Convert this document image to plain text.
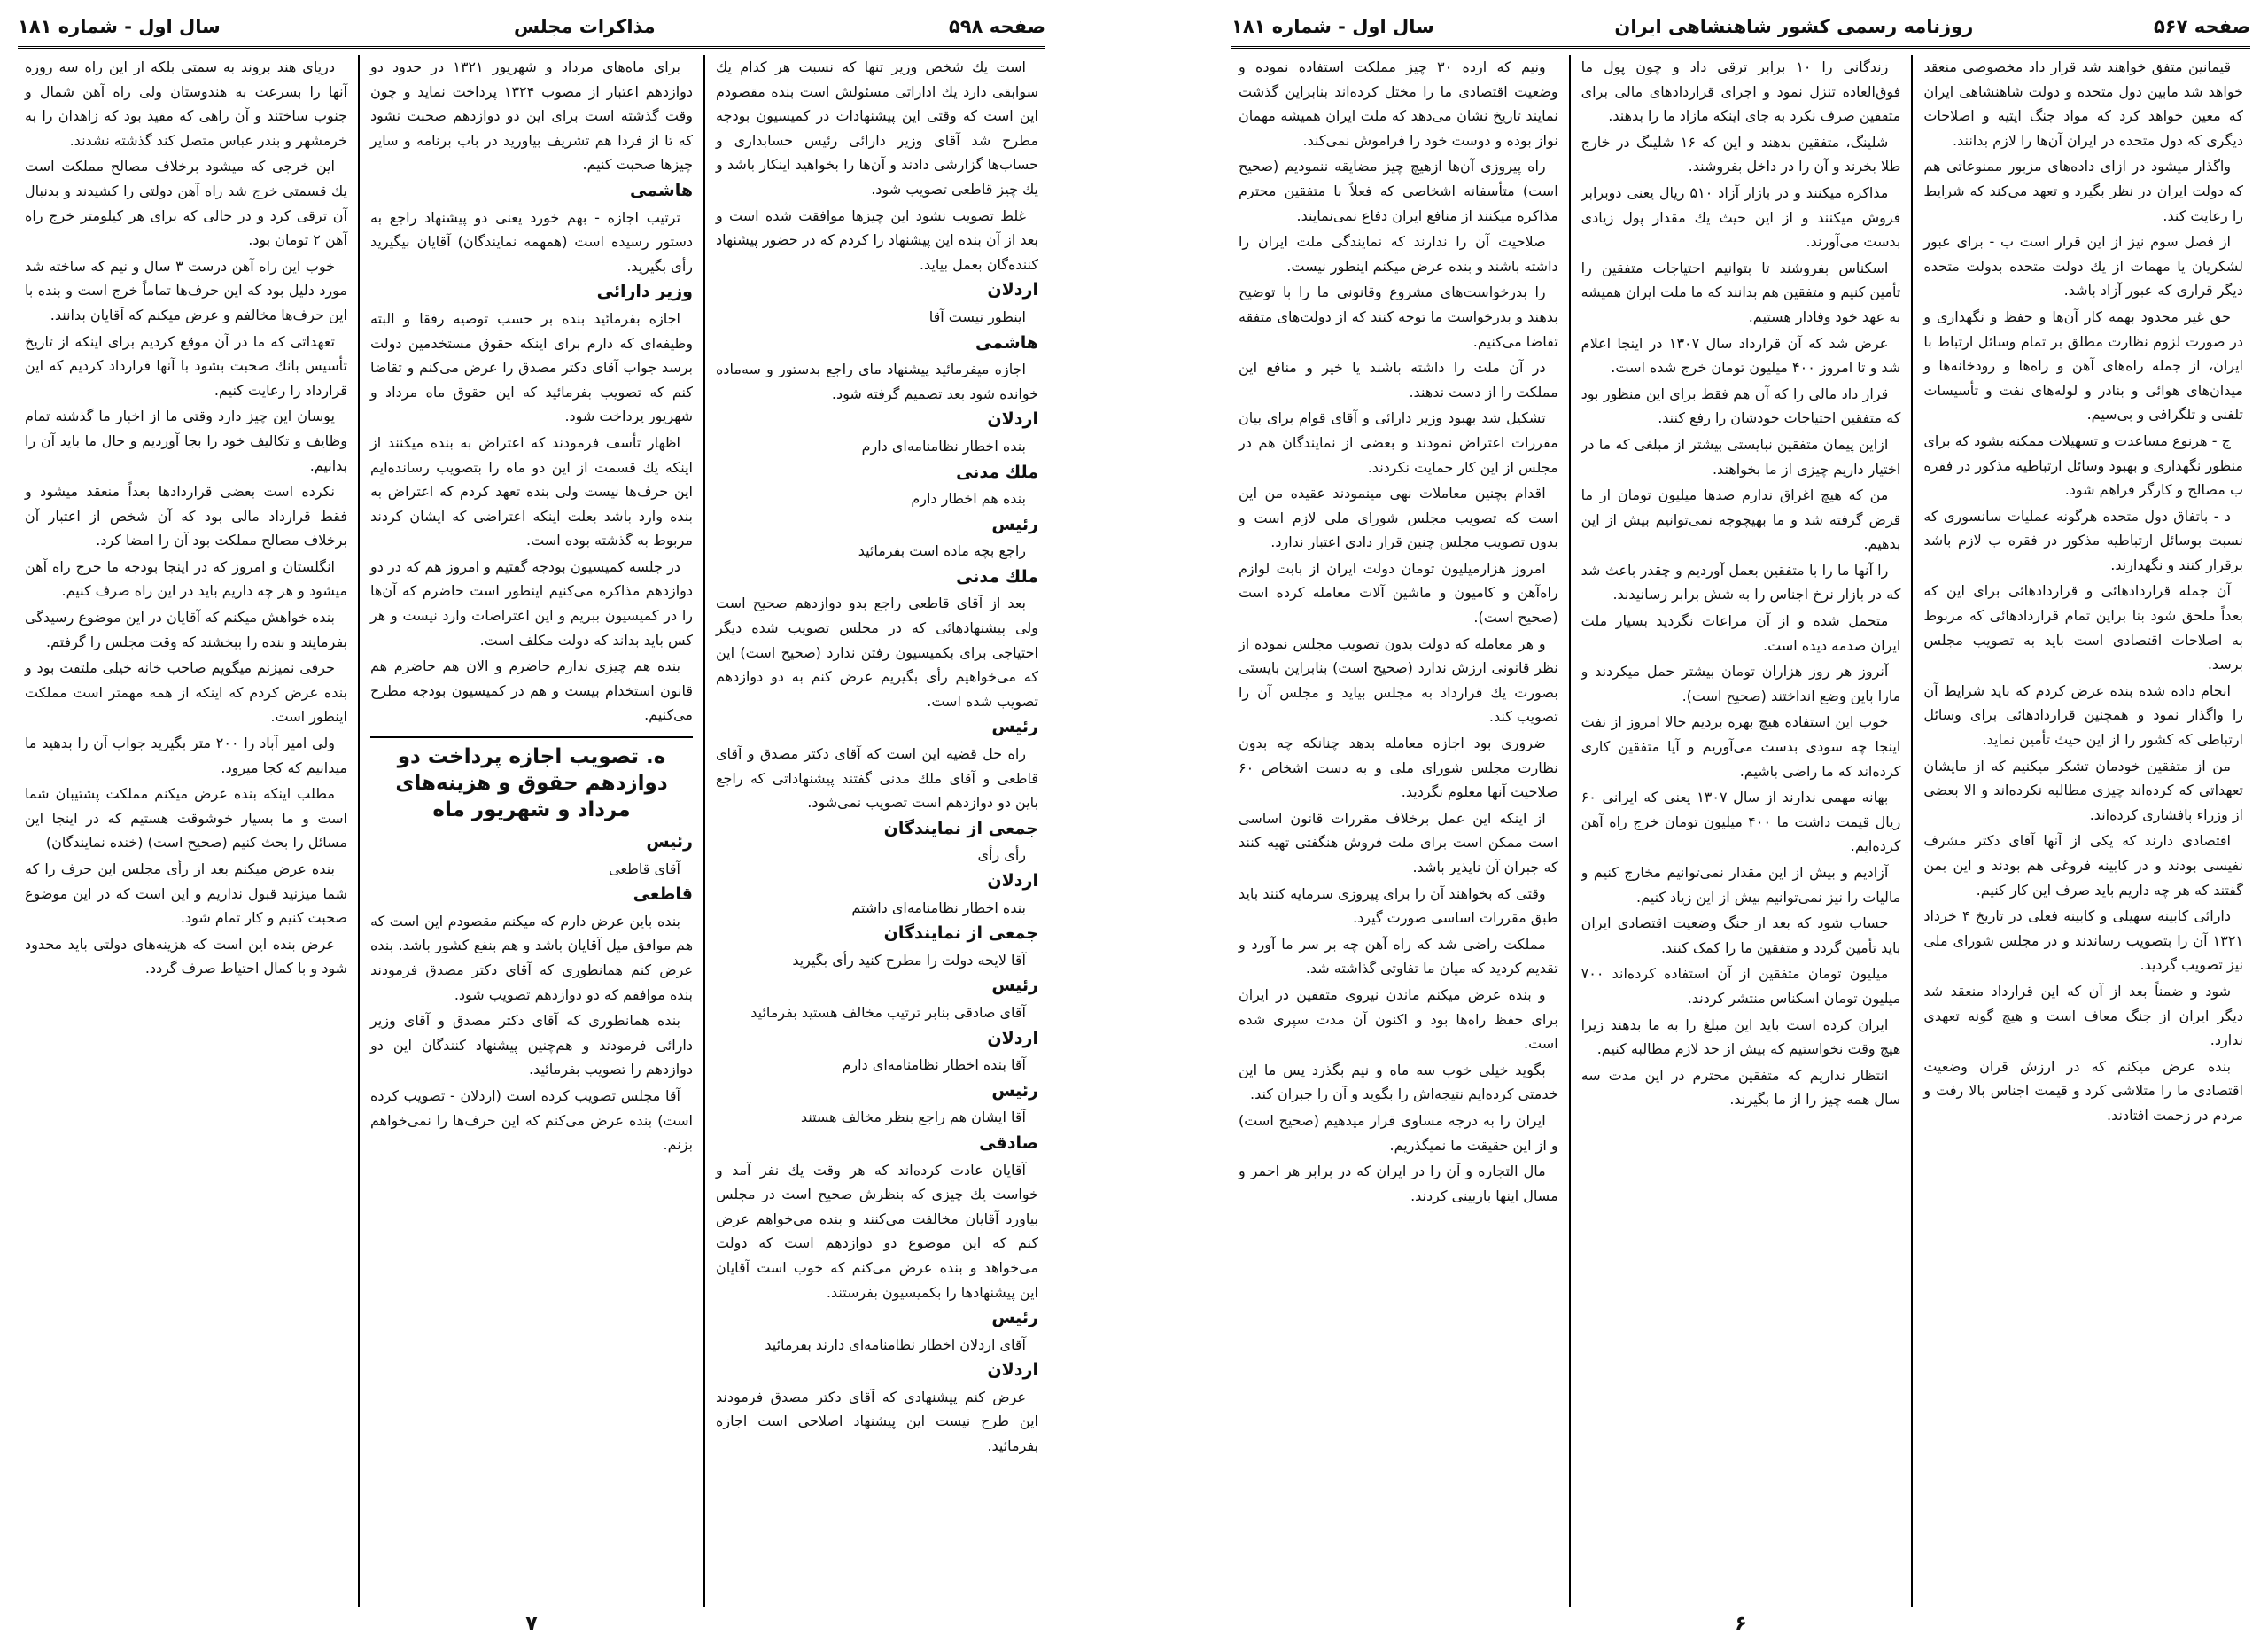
صفحه ۵۹۸
مذاکرات مجلس
سال اول - شماره ۱۸۱

است یك شخص وزیر تنها كه نسبت هر كدام یك سوابقی دارد یك اداراتی مسئولش است بنده مقصودم این است كه وقتی این پیشنهادات در كمیسیون بودجه مطرح شد آقای وزیر دارائی رئیس حسابداری و حساب‌ها گزارشی دادند و آن‌ها را بخواهید اینکار باشد و یك چیز قاطعی تصویب شود.

غلط تصویب نشود این چیزها موافقت شده است و بعد از آن بنده این پیشنهاد را کردم که در حضور پیشنهاد کننده‌گان بعمل بیاید.

اردلان

اینطور نیست آقا

هاشمی

اجازه میفرمائید پیشنهاد مای راجع بدستور و سه‌ماده خوانده شود بعد تصمیم گرفته شود.

اردلان

بنده اخطار نظامنامه‌ای دارم

ملك مدنی

بنده هم اخطار دارم

رئیس

راجع بچه ماده است بفرمائید

ملك مدنی

بعد از آقای قاطعی راجع بدو دوازدهم صحیح است ولی پیشنهادهائی که در مجلس تصویب شده دیگر احتیاجی برای بکمیسیون رفتن ندارد (صحیح است) این که می‌خواهیم رأی بگیریم عرض کنم به دو دوازدهم تصویب شده است.

رئیس

راه حل قضیه این است که آقای دکتر مصدق و آقای قاطعی و آقای ملك مدنی گفتند پیشنهاداتی که راجع باین دو دوازدهم است تصویب نمی‌شود.

جمعی از نمایندگان

رأی رأی

اردلان

بنده اخطار نظامنامه‌ای داشتم

جمعی از نمایندگان

آقا لایحه دولت را مطرح کنید رأی بگیرید

رئیس

آقای صادقی بنابر ترتیب مخالف هستید بفرمائید

اردلان

آقا بنده اخطار نظامنامه‌ای دارم

رئیس

آقا ایشان هم راجع بنظر مخالف هستند

صادقی

آقایان عادت کرده‌اند که هر وقت یك نفر آمد و خواست یك چیزی که بنظرش صحیح است در مجلس بیاورد آقایان مخالفت می‌کنند و بنده می‌خواهم عرض کنم که این موضوع دو دوازدهم است که دولت می‌خواهد و بنده عرض می‌کنم که خوب است آقایان این پیشنهادها را بکمیسیون بفرستند.

رئیس

آقای اردلان اخطار نظامنامه‌ای دارند بفرمائید

اردلان

عرض کنم پیشنهادی که آقای دکتر مصدق فرمودند این طرح نیست این پیشنهاد اصلاحی است اجازه بفرمائید.

برای ماه‌های مرداد و شهریور ۱۳۲۱ در حدود دو دوازدهم اعتبار از مصوب ۱۳۲۴ پرداخت نماید و چون وقت گذشته است برای این دو دوازدهم صحبت نشود که تا از فردا هم تشریف بیاورید در باب برنامه و سایر چیزها صحبت کنیم.

هاشمی

ترتیب اجازه - بهم خورد یعنی دو پیشنهاد راجع به دستور رسیده است (همهمه نمایندگان) آقایان بیگیرید رأی بگیرید.

وزیر دارائی

اجازه بفرمائید بنده بر حسب توصیه رفقا و البته وظیفه‌ای که دارم برای اینکه حقوق مستخدمین دولت برسد جواب آقای دکتر مصدق را عرض می‌کنم و تقاضا کنم که تصویب بفرمائید که این حقوق ماه مرداد و شهریور پرداخت شود.

اظهار تأسف فرمودند که اعتراض به بنده میکنند از اینکه یك قسمت از این دو ماه را بتصویب رسانده‌ایم این حرف‌ها نیست ولی بنده تعهد کردم که اعتراض به بنده وارد باشد بعلت اینکه اعتراضی که ایشان کردند مربوط به گذشته بوده است.

در جلسه کمیسیون بودجه گفتیم و امروز هم که در دو دوازدهم مذاکره می‌کنیم اینطور است حاضرم که آن‌ها را در کمیسیون ببریم و این اعتراضات وارد نیست و هر کس باید بداند که دولت مکلف است.

بنده هم چیزی ندارم حاضرم و الان هم حاضرم هم قانون استخدام بیست و هم در کمیسیون بودجه مطرح می‌کنیم.

ه. تصویب اجازه پرداخت دو دوازدهم حقوق و هزینه‌های مرداد و شهریور ماه

رئیس

آقای قاطعی

قاطعی

بنده باین عرض دارم که میکنم مقصودم این است که هم موافق میل آقایان باشد و هم بنفع کشور باشد. بنده عرض کنم همانطوری که آقای دکتر مصدق فرمودند بنده موافقم که دو دوازدهم تصویب شود.

بنده همانطوری که آقای دکتر مصدق و آقای وزیر دارائی فرمودند و هم‌چنین پیشنهاد کنندگان این دو دوازدهم را تصویب بفرمائید.

آقا مجلس تصویب کرده است (اردلان - تصویب کرده است) بنده عرض می‌کنم که این حرف‌ها را نمی‌خواهم بزنم.

دریای هند بروند به سمتی بلکه از این راه سه روزه آنها را بسرعت به هندوستان ولی راه آهن شمال و جنوب ساختند و آن راهی که مقید بود که زاهدان را به خرمشهر و بندر عباس متصل کند گذشته نشدند.

این خرجی که میشود برخلاف مصالح مملکت است یك قسمتی خرج شد راه آهن دولتی را کشیدند و بدنبال آن ترقی کرد و در حالی که برای هر کیلومتر خرج راه آهن ۲ تومان بود.

خوب این راه آهن درست ۳ سال و نیم که ساخته شد مورد دلیل بود که این حرف‌ها تماماً خرج است و بنده با این حرف‌ها مخالفم و عرض میکنم که آقایان بدانند.

تعهداتی که ما در آن موقع کردیم برای اینکه از تاریخ تأسیس بانك صحبت بشود با آنها قرارداد کردیم که این قرارداد را رعایت کنیم.

یوسان این چیز دارد وقتی ما از اخبار ما گذشته تمام وظایف و تکالیف خود را بجا آوردیم و حال ما باید آن را بدانیم.

نکرده است بعضی قراردادها بعداً منعقد میشود و فقط قرارداد مالی بود که آن شخص از اعتبار آن برخلاف مصالح مملکت بود آن را امضا کرد.

انگلستان و امروز که در اینجا بودجه ما خرج راه آهن میشود و هر چه داریم باید در این راه صرف کنیم.

بنده خواهش میکنم که آقایان در این موضوع رسیدگی بفرمایند و بنده را ببخشند که وقت مجلس را گرفتم.

حرفی نمیزنم میگویم صاحب خانه خیلی ملتفت بود و بنده عرض کردم که اینکه از همه مهمتر است مملکت اینطور است.

ولی امیر آباد را ۲۰۰ متر بگیرید جواب آن را بدهید ما میدانیم که کجا میرود.

مطلب اینکه بنده عرض میکنم مملکت پشتیبان شما است و ما بسیار خوشوقت هستیم که در اینجا این مسائل را بحث کنیم (صحیح است) (خنده نمایندگان)

بنده عرض میکنم بعد از رأی مجلس این حرف را که شما میزنید قبول نداریم و این است که در این موضوع صحبت کنیم و کار تمام شود.

عرض بنده این است که هزینه‌های دولتی باید محدود شود و با کمال احتیاط صرف گردد.

۷
صفحه ۵۶۷
روزنامه رسمی کشور شاهنشاهی ایران
سال اول - شماره ۱۸۱

قیمانین متفق خواهند شد قرار داد مخصوصی منعقد خواهد شد مابین دول متحده و دولت شاهنشاهی ایران که معین خواهد کرد که مواد جنگ ایتیه و اصلاحات دیگری که دول متحده در ایران آن‌ها را لازم بدانند.

واگذار میشود در ازای داده‌های مزبور ممنوعاتی هم که دولت ایران در نظر بگیرد و تعهد می‌کند که شرایط را رعایت کند.

از فصل سوم نیز از این قرار است ب - برای عبور لشکریان یا مهمات از یك دولت متحده بدولت متحده دیگر قراری که عبور آزاد باشد.

حق غیر محدود بهمه کار آن‌ها و حفظ و نگهداری و در صورت لزوم نظارت مطلق بر تمام وسائل ارتباط با ایران، از جمله راه‌های آهن و راه‌ها و رودخانه‌ها و میدان‌های هوائی و بنادر و لوله‌های نفت و تأسیسات تلفنی و تلگرافی و بی‌سیم.

ج - هرنوع مساعدت و تسهیلات ممکنه بشود که برای منظور نگهداری و بهبود وسائل ارتباطیه مذکور در فقره ب مصالح و کارگر فراهم شود.

د - باتفاق دول متحده هرگونه عملیات سانسوری که نسبت بوسائل ارتباطیه مذکور در فقره ب لازم باشد برقرار کنند و نگهدارند.

آن جمله قراردادهائی و قراردادهائی برای این که بعداً ملحق شود بنا براین تمام قراردادهائی که مربوط به اصلاحات اقتصادی است باید به تصویب مجلس برسد.

انجام داده شده بنده عرض کردم که باید شرایط آن را واگذار نمود و همچنین قراردادهائی برای وسائل ارتباطی که کشور را از این حیث تأمین نماید.

من از متفقین خودمان تشکر میکنیم که از مایشان تعهداتی که کرده‌اند چیزی مطالبه نکرده‌اند و الا بعضی از وزراء پافشاری کرده‌اند.

اقتصادی دارند که یکی از آنها آقای دکتر مشرف نفیسی بودند و در کابینه فروغی هم بودند و این بمن گفتند که هر چه داریم باید صرف این کار کنیم.

دارائی کابینه سهیلی و کابینه فعلی در تاریخ ۴ خرداد ۱۳۲۱ آن را بتصویب رساندند و در مجلس شورای ملی نیز تصویب گردید.

شود و ضمناً بعد از آن که این قرارداد منعقد شد دیگر ایران از جنگ معاف است و هیچ گونه تعهدی ندارد.

بنده عرض میکنم که در ارزش قران وضعیت اقتصادی ما را متلاشی کرد و قیمت اجناس بالا رفت و مردم در زحمت افتادند.

زندگانی را ۱۰ برابر ترقی داد و چون پول ما فوق‌العاده تنزل نمود و اجرای قراردادهای مالی برای متفقین صرف نکرد به جای اینکه مازاد ما را بدهند.

شلینگ، متفقین بدهند و این که ۱۶ شلینگ در خارج طلا بخرند و آن را در داخل بفروشند.

مذاکره میکنند و در بازار آزاد ۵۱۰ ریال یعنی دوبرابر فروش میکنند و از این حیث یك مقدار پول زیادی بدست می‌آورند.

اسکناس بفروشند تا بتوانیم احتیاجات متفقین را تأمین کنیم و متفقین هم بدانند که ما ملت ایران همیشه به عهد خود وفادار هستیم.

عرض شد که آن قرارداد سال ۱۳۰۷ در اینجا اعلام شد و تا امروز ۴۰۰ میلیون تومان خرج شده است.

قرار داد مالی را که آن هم فقط برای این منظور بود که متفقین احتیاجات خودشان را رفع کنند.

ازاین پیمان متفقین نبایستی بیشتر از مبلغی که ما در اختیار داریم چیزی از ما بخواهند.

من که هیچ اغراق ندارم صدها میلیون تومان از ما قرض گرفته شد و ما بهیچوجه نمی‌توانیم بیش از این بدهیم.

را آنها ما را با متفقین بعمل آوردیم و چقدر باعث شد که در بازار نرخ اجناس را به شش برابر رسانیدند.

متحمل شده و از آن مراعات نگردید بسیار ملت ایران صدمه دیده است.

آنروز هر روز هزاران تومان بیشتر حمل میکردند و مارا باین وضع انداختند (صحیح است).

خوب این استفاده هیچ بهره بردیم حالا امروز از نفت اینجا چه سودی بدست می‌آوریم و آیا متفقین کاری کرده‌اند که ما راضی باشیم.

بهانه مهمی ندارند از سال ۱۳۰۷ یعنی که ایرانی ۶۰ ریال قیمت داشت ما ۴۰۰ میلیون تومان خرج راه آهن کرده‌ایم.

آزادیم و بیش از این مقدار نمی‌توانیم مخارج کنیم و مالیات را نیز نمی‌توانیم بیش از این زیاد کنیم.

حساب شود که بعد از جنگ وضعیت اقتصادی ایران باید تأمین گردد و متفقین ما را کمک کنند.

میلیون تومان متفقین از آن استفاده کرده‌اند ۷۰۰ میلیون تومان اسکناس منتشر کردند.

ایران کرده است باید این مبلغ را به ما بدهند زیرا هیچ وقت نخواستیم که بیش از حد لازم مطالبه کنیم.

انتظار نداریم که متفقین محترم در این مدت سه سال همه چیز را از ما بگیرند.

ونیم که ازده ۳۰ چیز مملکت استفاده نموده و وضعیت اقتصادی ما را مختل کرده‌اند بنابراین گذشت نمایند تاریخ نشان می‌دهد که ملت ایران همیشه مهمان نواز بوده و دوست خود را فراموش نمی‌کند.

راه پیروزی آن‌ها ازهیچ چیز مضایقه ننمودیم (صحیح است) متأسفانه اشخاصی که فعلاً با متفقین محترم مذاکره میکنند از منافع ایران دفاع نمی‌نمایند.

صلاحیت آن را ندارند که نمایندگی ملت ایران را داشته باشند و بنده عرض میکنم اینطور نیست.

را بدرخواست‌های مشروع وقانونی ما را با توضیح بدهند و بدرخواست ما توجه کنند که از دولت‌های متفقه تقاضا می‌کنیم.

در آن ملت را داشته باشند یا خیر و منافع این مملکت را از دست ندهند.

تشکیل شد بهبود وزیر دارائی و آقای قوام برای بیان مقررات اعتراض نمودند و بعضی از نمایندگان هم در مجلس از این کار حمایت نکردند.

اقدام بچنین معاملات نهی مینمودند عقیده من این است که تصویب مجلس شورای ملی لازم است و بدون تصویب مجلس چنین قرار دادی اعتبار ندارد.

امروز هزارمیلیون تومان دولت ایران از بابت لوازم راه‌آهن و کامیون و ماشین آلات معامله کرده است (صحیح است).

و هر معامله که دولت بدون تصویب مجلس نموده از نظر قانونی ارزش ندارد (صحیح است) بنابراین بایستی بصورت یك قرارداد به مجلس بیاید و مجلس آن را تصویب کند.

ضروری بود اجازه معامله بدهد چنانکه چه بدون نظارت مجلس شورای ملی و به دست اشخاص ۶۰ صلاحیت آنها معلوم نگردید.

از اینکه این عمل برخلاف مقررات قانون اساسی است ممکن است برای ملت فروش هنگفتی تهیه کنند که جبران آن ناپذیر باشد.

وقتی که بخواهند آن را برای پیروزی سرمایه کنند باید طبق مقررات اساسی صورت گیرد.

مملکت راضی شد که راه آهن چه بر سر ما آورد و تقدیم کردید که میان ما تفاوتی گذاشته شد.

و بنده عرض میکنم ماندن نیروی متفقین در ایران برای حفظ راه‌ها بود و اکنون آن مدت سپری شده است.

بگوید خیلی خوب سه ماه و نیم بگذرد پس ما این خدمتی کرده‌ایم نتیجه‌اش را بگوید و آن را جبران کند.

ایران را به درجه مساوی قرار میدهیم (صحیح است) و از این حقیقت ما نمیگذریم.

مال التجاره و آن را در ایران که در برابر هر احمر و مسال اینها بازبینی کردند.

۶
